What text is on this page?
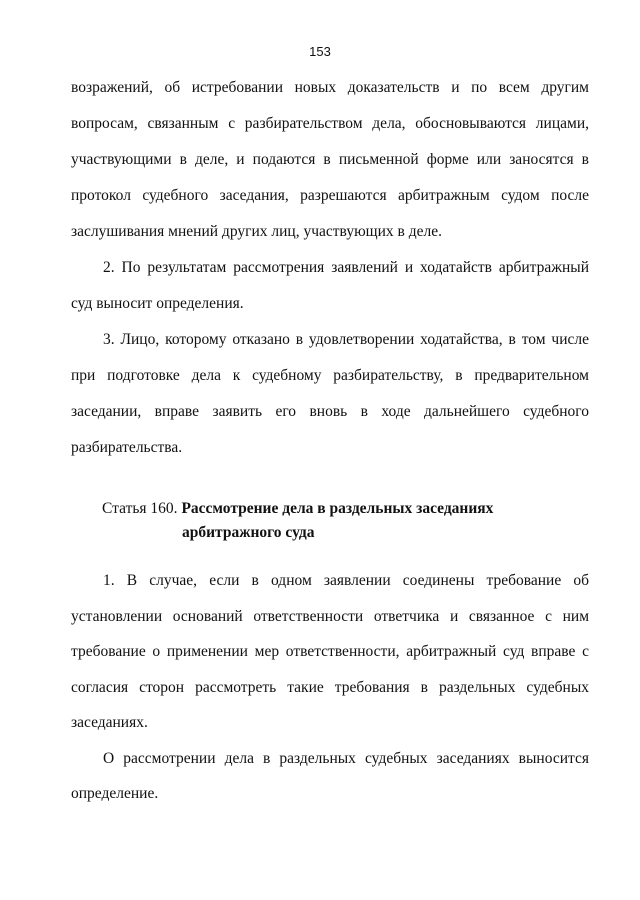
153

возражений, об истребовании новых доказательств и по всем другим вопросам, связанным с разбирательством дела, обосновываются лицами, участвующими в деле, и подаются в письменной форме или заносятся в протокол судебного заседания, разрешаются арбитражным судом после заслушивания мнений других лиц, участвующих в деле.

2. По результатам рассмотрения заявлений и ходатайств арбитражный суд выносит определения.

3. Лицо, которому отказано в удовлетворении ходатайства, в том числе при подготовке дела к судебному разбирательству, в предварительном заседании, вправе заявить его вновь в ходе дальнейшего судебного разбирательства.

Статья 160. Рассмотрение дела в раздельных заседаниях
арбитражного суда

1. В случае, если в одном заявлении соединены требование об установлении оснований ответственности ответчика и связанное с ним требование о применении мер ответственности, арбитражный суд вправе с согласия сторон рассмотреть такие требования в раздельных судебных заседаниях.

О рассмотрении дела в раздельных судебных заседаниях выносится определение.
